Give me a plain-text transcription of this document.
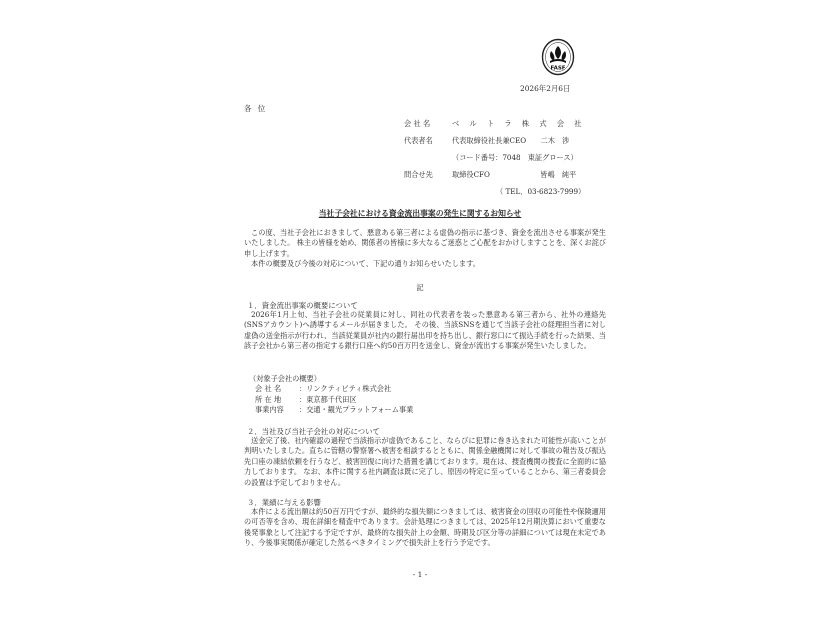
FASF
2026年2月6日
各位
会 社 名	ベ ル ト ラ 株 式 会 社
代表者名	代表取締役社長兼CEO　　二木　渉
（コード番号：7048　東証グロース）
問合せ先	取締役CFO　　　　　　　皆嶋　純平
（ TEL．03-6823-7999）
当社子会社における資金流出事案の発生に関するお知らせ

この度、当社子会社におきまして、悪意ある第三者による虚偽の指示に基づき、資金を流出させる事案が発生いたしました。 株主の皆様を始め、関係者の皆様に多大なるご迷惑とご心配をおかけしますことを、深くお詫び申し上げます。

本件の概要及び今後の対応について、下記の通りお知らせいたします。

記
１．資金流出事案の概要について

2026年1月上旬、当社子会社の従業員に対し、同社の代表者を装った悪意ある第三者から、社外の連絡先(SNSアカウント)へ誘導するメールが届きました。 その後、当該SNSを通じて当該子会社の経理担当者に対し虚偽の送金指示が行われ、当該従業員が社内の銀行届出印を持ち出し、銀行窓口にて振込手続を行った結果、当該子会社から第三者の指定する銀行口座へ約50百万円を送金し、資金が流出する事案が発生いたしました。

（対象子会社の概要）
会 社 名	：リンクティビティ株式会社
所 在 地	：東京都千代田区
事業内容	：交通・観光プラットフォーム事業
２．当社及び当社子会社の対応について

送金完了後、社内確認の過程で当該指示が虚偽であること、ならびに犯罪に巻き込まれた可能性が高いことが判明いたしました。直ちに管轄の警察署へ被害を相談するとともに、関係金融機関に対して事故の報告及び振込先口座の凍結依頼を行うなど、被害回復に向けた措置を講じております。現在は、捜査機関の捜査に全面的に協力しております。 なお、本件に関する社内調査は既に完了し、原因の特定に至っていることから、第三者委員会の設置は予定しておりません。

３．業績に与える影響

本件による流出額は約50百万円ですが、最終的な損失額につきましては、被害資金の回収の可能性や保険適用の可否等を含め、現在詳細を精査中であります。会計処理につきましては、2025年12月期決算において重要な後発事象として注記する予定ですが、最終的な損失計上の金額、時期及び区分等の詳細については現在未定であり、今後事実関係が確定した然るべきタイミングで損失計上を行う予定です。

- 1 -
